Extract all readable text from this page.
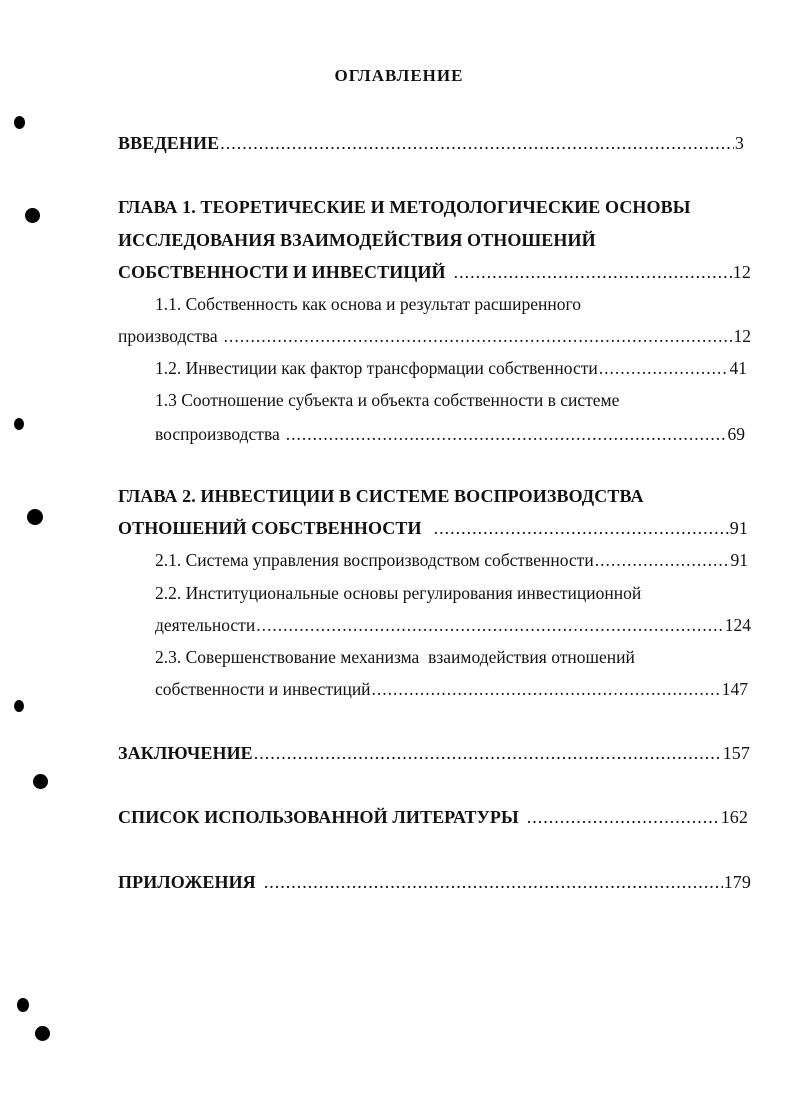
ОГЛАВЛЕНИЕ
ВВЕДЕНИЕ .....	3
ГЛАВА 1. ТЕОРЕТИЧЕСКИЕ И МЕТОДОЛОГИЧЕСКИЕ ОСНОВЫ
ИССЛЕДОВАНИЯ ВЗАИМОДЕЙСТВИЯ ОТНОШЕНИЙ
СОБСТВЕННОСТИ И ИНВЕСТИЦИЙ .....	12
1.1. Собственность как основа и результат расширенного
производства .....	12
1.2. Инвестиции как фактор трансформации собственности .....	41
1.3 Соотношение субъекта и объекта собственности в системе
воспроизводства .....	69
ГЛАВА 2. ИНВЕСТИЦИИ В СИСТЕМЕ ВОСПРОИЗВОДСТВА
ОТНОШЕНИЙ СОБСТВЕННОСТИ .....	91
2.1. Система управления воспроизводством собственности .....	91
2.2. Институциональные основы регулирования инвестиционной
деятельности .....	124
2.3. Совершенствование механизма  взаимодействия отношений
собственности и инвестиций .....	147
ЗАКЛЮЧЕНИЕ .....	157
СПИСОК ИСПОЛЬЗОВАННОЙ ЛИТЕРАТУРЫ .....	162
ПРИЛОЖЕНИЯ .....	179
